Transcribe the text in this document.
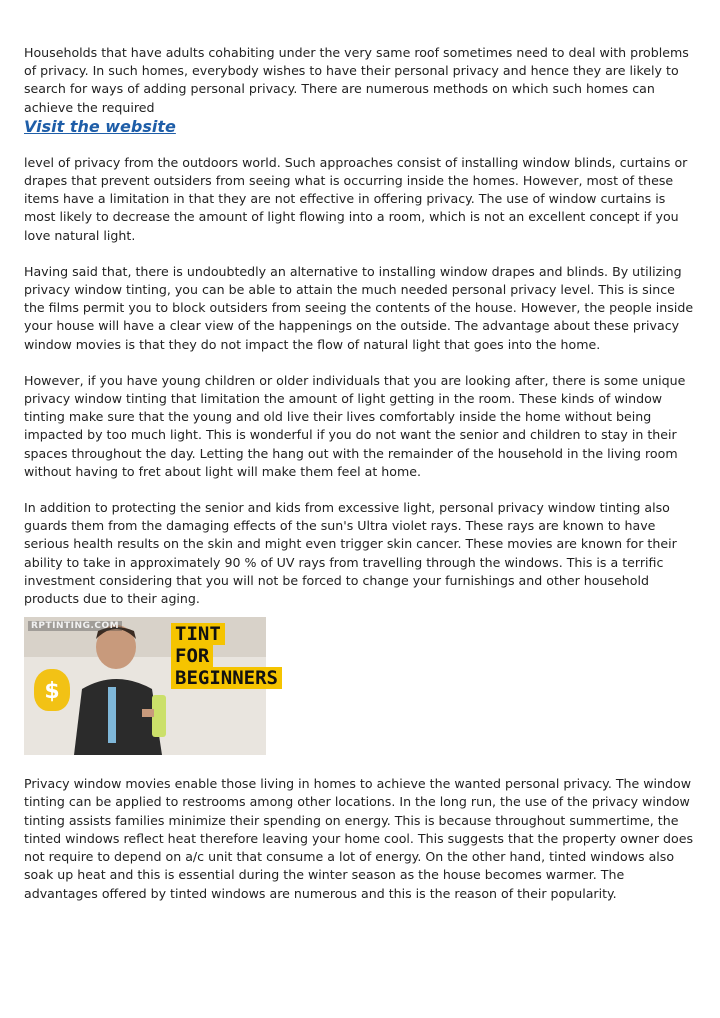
Households that have adults cohabiting under the very same roof sometimes need to deal with problems of privacy. In such homes, everybody wishes to have their personal privacy and hence they are likely to search for ways of adding personal privacy. There are numerous methods on which such homes can achieve the required

Visit the website

level of privacy from the outdoors world. Such approaches consist of installing window blinds, curtains or drapes that prevent outsiders from seeing what is occurring inside the homes. However, most of these items have a limitation in that they are not effective in offering privacy. The use of window curtains is most likely to decrease the amount of light flowing into a room, which is not an excellent concept if you love natural light.

Having said that, there is undoubtedly an alternative to installing window drapes and blinds. By utilizing privacy window tinting, you can be able to attain the much needed personal privacy level. This is since the films permit you to block outsiders from seeing the contents of the house. However, the people inside your house will have a clear view of the happenings on the outside. The advantage about these privacy window movies is that they do not impact the flow of natural light that goes into the home.

However, if you have young children or older individuals that you are looking after, there is some unique privacy window tinting that limitation the amount of light getting in the room. These kinds of window tinting make sure that the young and old live their lives comfortably inside the home without being impacted by too much light. This is wonderful if you do not want the senior and children to stay in their spaces throughout the day. Letting the hang out with the remainder of the household in the living room without having to fret about light will make them feel at home.

In addition to protecting the senior and kids from excessive light, personal privacy window tinting also guards them from the damaging effects of the sun's Ultra violet rays. These rays are known to have serious health results on the skin and might even trigger skin cancer. These movies are known for their ability to take in approximately 90 % of UV rays from travelling through the windows. This is a terrific investment considering that you will not be forced to change your furnishings and other household products due to their aging.

RPTINTING.COM
$
TINT
FOR
BEGINNERS

Privacy window movies enable those living in homes to achieve the wanted personal privacy. The window tinting can be applied to restrooms among other locations. In the long run, the use of the privacy window tinting assists families minimize their spending on energy. This is because throughout summertime, the tinted windows reflect heat therefore leaving your home cool. This suggests that the property owner does not require to depend on a/c unit that consume a lot of energy. On the other hand, tinted windows also soak up heat and this is essential during the winter season as the house becomes warmer. The advantages offered by tinted windows are numerous and this is the reason of their popularity.
